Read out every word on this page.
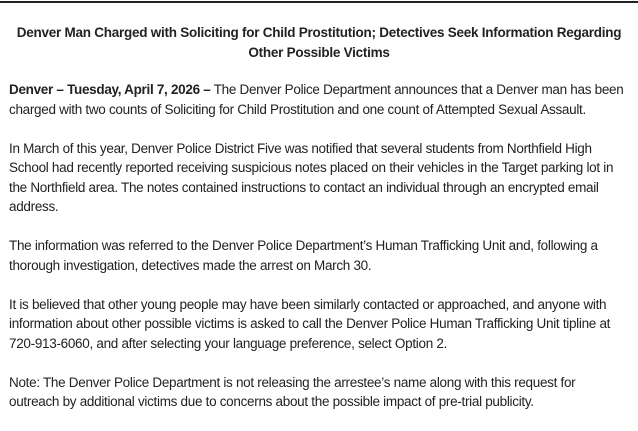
Denver Man Charged with Soliciting for Child Prostitution; Detectives Seek Information Regarding
Other Possible Victims
Denver – Tuesday, April 7, 2026 – The Denver Police Department announces that a Denver man has been
charged with two counts of Soliciting for Child Prostitution and one count of Attempted Sexual Assault.
In March of this year, Denver Police District Five was notified that several students from Northfield High
School had recently reported receiving suspicious notes placed on their vehicles in the Target parking lot in
the Northfield area. The notes contained instructions to contact an individual through an encrypted email
address.
The information was referred to the Denver Police Department’s Human Trafficking Unit and, following a
thorough investigation, detectives made the arrest on March 30.
It is believed that other young people may have been similarly contacted or approached, and anyone with
information about other possible victims is asked to call the Denver Police Human Trafficking Unit tipline at
720-913-6060, and after selecting your language preference, select Option 2.
Note: The Denver Police Department is not releasing the arrestee’s name along with this request for
outreach by additional victims due to concerns about the possible impact of pre-trial publicity.
